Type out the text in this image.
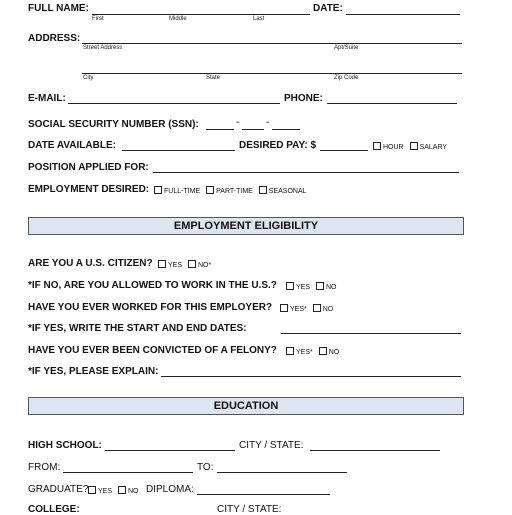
FULL NAME:
First	Middle	Last
DATE:
ADDRESS:
Street Address	Apt/Suite
City	State	Zip Code
E-MAIL:	PHONE:
SOCIAL SECURITY NUMBER (SSN):	-	-
DATE AVAILABLE:	DESIRED PAY: $	HOUR SALARY
POSITION APPLIED FOR:
EMPLOYMENT DESIRED:	FULL-TIME PART-TIME SEASONAL
EMPLOYMENT ELIGIBILITY
ARE YOU A U.S. CITIZEN?	YES NO*
*IF NO, ARE YOU ALLOWED TO WORK IN THE U.S.?	YES NO
HAVE YOU EVER WORKED FOR THIS EMPLOYER?	YES* NO
*IF YES, WRITE THE START AND END DATES:
HAVE YOU EVER BEEN CONVICTED OF A FELONY?	YES* NO
*IF YES, PLEASE EXPLAIN:
EDUCATION
HIGH SCHOOL:	CITY / STATE:
FROM:	TO:
GRADUATE?	YES NO DIPLOMA:
COLLEGE:	CITY / STATE:
